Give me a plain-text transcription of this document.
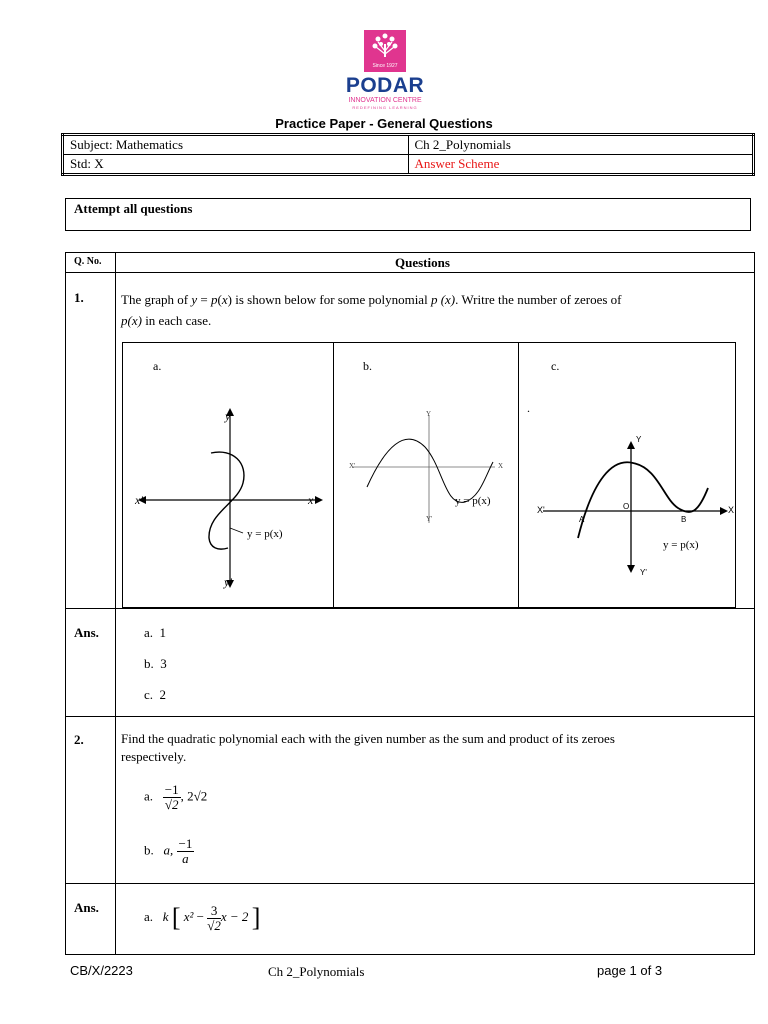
Since 1927
PODAR
INNOVATION CENTRE
REDEFINING LEARNING
Practice Paper - General Questions
Subject: Mathematics	Ch 2_Polynomials
Std: X	Answer Scheme
Attempt all questions
Q. No.	Questions
1.	The graph of y = p(x) is shown below for some polynomial p (x). Writre the number of zeroes of
p(x) in each case.
a.
y
x
x'
y'
y = p(x)
b.
Y
X
X'
Y'
y = p(x)
c.
.
Y
X
X'
Y'
O
A	B
y = p(x)
Ans.	a. 1
b. 3
c. 2
2.	Find the quadratic polynomial each with the given number as the sum and product of its zeroes
respectively.
a. $\frac{-1}{√2}$ , 2√2
b. a, $\frac{-1}{a}$
Ans.
a. k [ $x^2 - \frac{3}{√2}$ x − 2 ]
CB/X/2223	Ch 2_Polynomials	page 1 of 3
